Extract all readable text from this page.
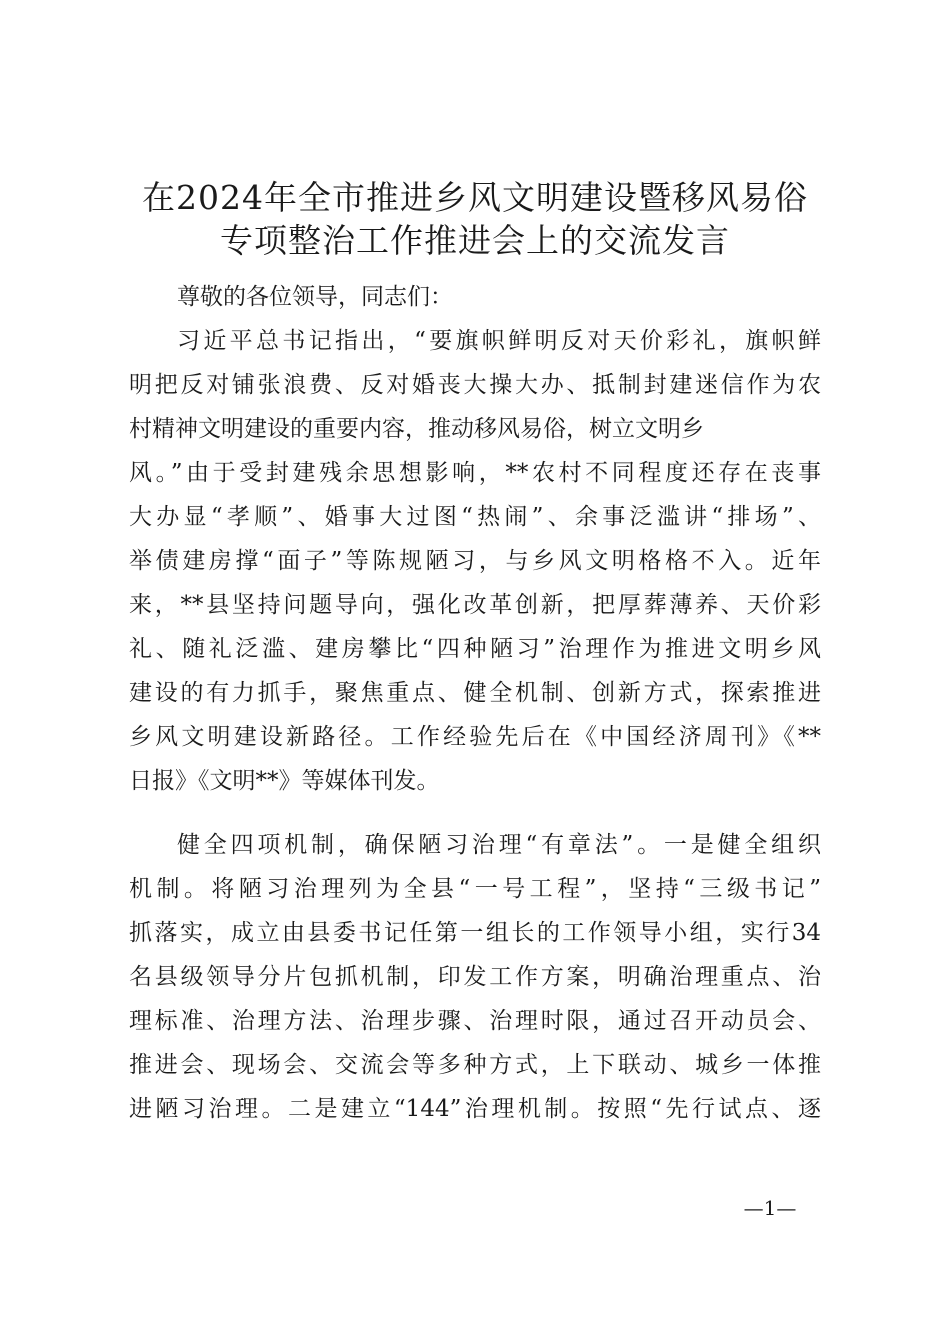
在2024年全市推进乡风文明建设暨移风易俗
专项整治工作推进会上的交流发言
尊敬的各位领导，同志们：
习近平总书记指出，“要旗帜鲜明反对天价彩礼，旗帜鲜
明把反对铺张浪费、反对婚丧大操大办、抵制封建迷信作为农
村精神文明建设的重要内容，推动移风易俗，树立文明乡
风。”由于受封建残余思想影响，**农村不同程度还存在丧事
大办显“孝顺”、婚事大过图“热闹”、余事泛滥讲“排场”、
举债建房撑“面子”等陈规陋习，与乡风文明格格不入。近年
来，**县坚持问题导向，强化改革创新，把厚葬薄养、天价彩
礼、随礼泛滥、建房攀比“四种陋习”治理作为推进文明乡风
建设的有力抓手，聚焦重点、健全机制、创新方式，探索推进
乡风文明建设新路径。工作经验先后在《中国经济周刊》《**
日报》《文明**》等媒体刊发。
健全四项机制，确保陋习治理“有章法”。一是健全组织
机制。将陋习治理列为全县“一号工程”，坚持“三级书记”
抓落实，成立由县委书记任第一组长的工作领导小组，实行34
名县级领导分片包抓机制，印发工作方案，明确治理重点、治
理标准、治理方法、治理步骤、治理时限，通过召开动员会、
推进会、现场会、交流会等多种方式，上下联动、城乡一体推
进陋习治理。二是建立“144”治理机制。按照“先行试点、逐
—1—
